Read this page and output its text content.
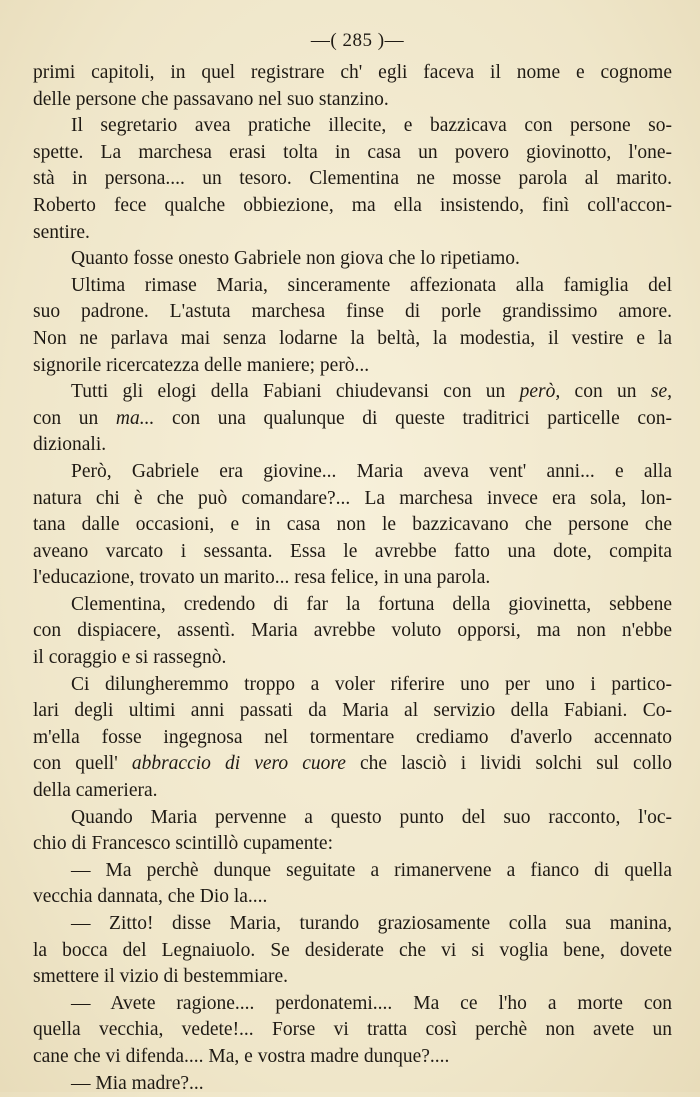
—( 285 )—
primi capitoli, in quel registrare ch' egli faceva il nome e cognome
delle persone che passavano nel suo stanzino.
Il segretario avea pratiche illecite, e bazzicava con persone so-
spette. La marchesa erasi tolta in casa un povero giovinotto, l'one-
stà in persona.... un tesoro. Clementina ne mosse parola al marito.
Roberto fece qualche obbiezione, ma ella insistendo, finì coll'accon-
sentire.
Quanto fosse onesto Gabriele non giova che lo ripetiamo.
Ultima rimase Maria, sinceramente affezionata alla famiglia del
suo padrone. L'astuta marchesa finse di porle grandissimo amore.
Non ne parlava mai senza lodarne la beltà, la modestia, il vestire e la
signorile ricercatezza delle maniere; però...
Tutti gli elogi della Fabiani chiudevansi con un però, con un se,
con un ma... con una qualunque di queste traditrici particelle con-
dizionali.
Però, Gabriele era giovine... Maria aveva vent' anni... e alla
natura chi è che può comandare?... La marchesa invece era sola, lon-
tana dalle occasioni, e in casa non le bazzicavano che persone che
aveano varcato i sessanta. Essa le avrebbe fatto una dote, compita
l'educazione, trovato un marito... resa felice, in una parola.
Clementina, credendo di far la fortuna della giovinetta, sebbene
con dispiacere, assentì. Maria avrebbe voluto opporsi, ma non n'ebbe
il coraggio e si rassegnò.
Ci dilungheremmo troppo a voler riferire uno per uno i partico-
lari degli ultimi anni passati da Maria al servizio della Fabiani. Co-
m'ella fosse ingegnosa nel tormentare crediamo d'averlo accennato
con quell' abbraccio di vero cuore che lasciò i lividi solchi sul collo
della cameriera.
Quando Maria pervenne a questo punto del suo racconto, l'oc-
chio di Francesco scintillò cupamente:
— Ma perchè dunque seguitate a rimanervene a fianco di quella
vecchia dannata, che Dio la....
— Zitto! disse Maria, turando graziosamente colla sua manina,
la bocca del Legnaiuolo. Se desiderate che vi si voglia bene, dovete
smettere il vizio di bestemmiare.
— Avete ragione.... perdonatemi.... Ma ce l'ho a morte con
quella vecchia, vedete!... Forse vi tratta così perchè non avete un
cane che vi difenda.... Ma, e vostra madre dunque?....
— Mia madre?...
